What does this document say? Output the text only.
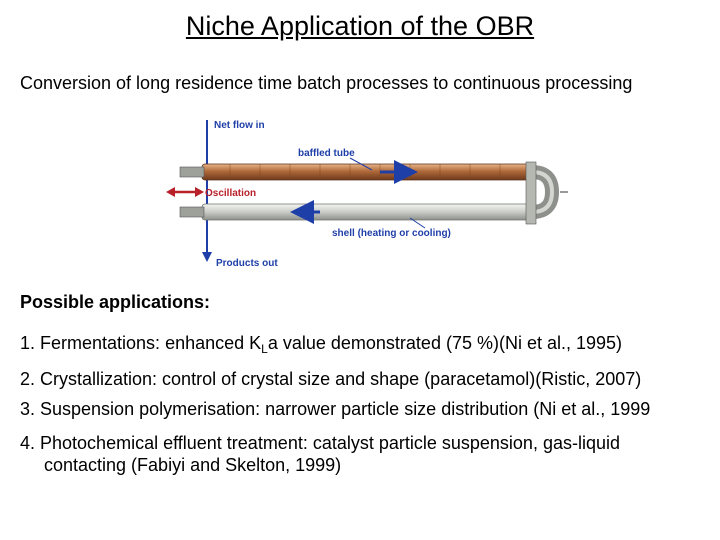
Niche Application of the OBR
Conversion of long residence time batch processes to continuous processing
Net flow in
baffled tube
Oscillation
shell (heating or cooling)
Products out
Possible applications:
1. Fermentations: enhanced $K_La$ value demonstrated (75 %)(Ni et al., 1995)
2. Crystallization: control of crystal size and shape (paracetamol)(Ristic, 2007)
3. Suspension polymerisation: narrower particle size distribution (Ni et al., 1999
4. Photochemical effluent treatment: catalyst particle suspension, gas-liquid
contacting (Fabiyi and Skelton, 1999)
